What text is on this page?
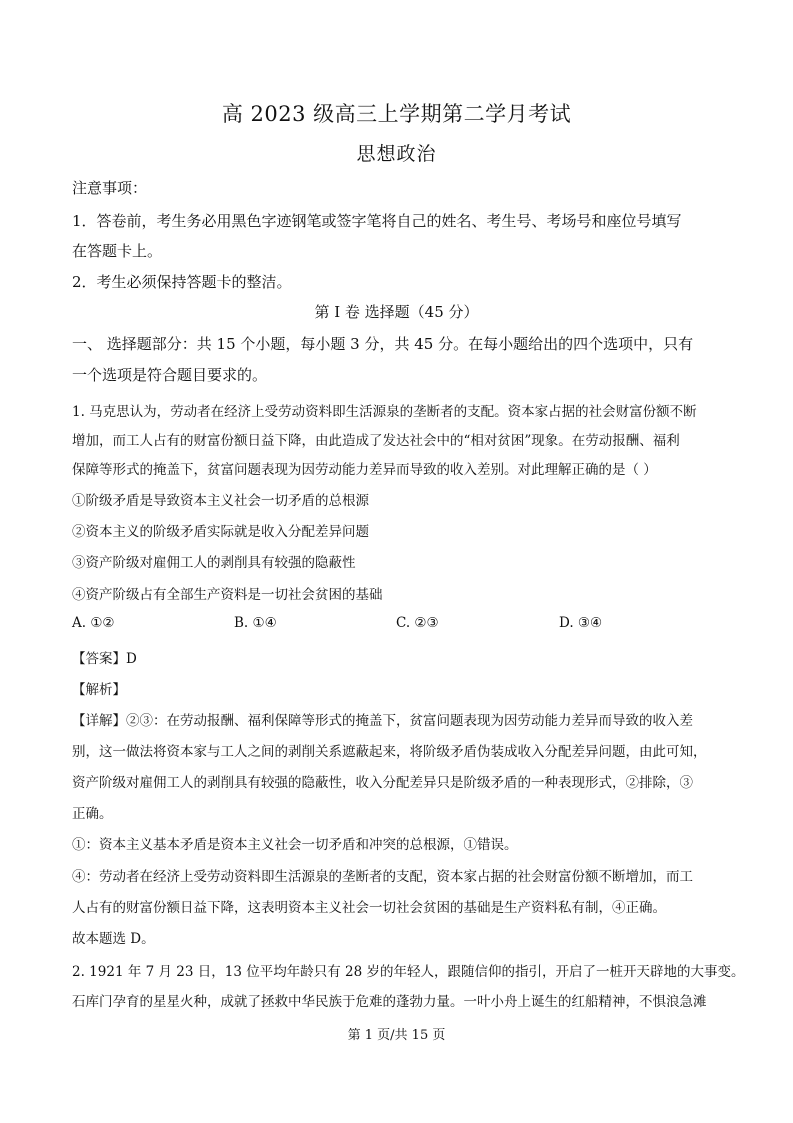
高 2023 级高三上学期第二学月考试
思想政治
注意事项：
1．答卷前，考生务必用黑色字迹钢笔或签字笔将自己的姓名、考生号、考场号和座位号填写
在答题卡上。
2．考生必须保持答题卡的整洁。
第 I 卷 选择题（45 分）
一、 选择题部分：共 15 个小题，每小题 3 分，共 45 分。在每小题给出的四个选项中，只有
一个选项是符合题目要求的。
1. 马克思认为，劳动者在经济上受劳动资料即生活源泉的垄断者的支配。资本家占据的社会财富份额不断
增加，而工人占有的财富份额日益下降，由此造成了发达社会中的“相对贫困”现象。在劳动报酬、福利
保障等形式的掩盖下，贫富问题表现为因劳动能力差异而导致的收入差别。对此理解正确的是（ ）
①阶级矛盾是导致资本主义社会一切矛盾的总根源
②资本主义的阶级矛盾实际就是收入分配差异问题
③资产阶级对雇佣工人的剥削具有较强的隐蔽性
④资产阶级占有全部生产资料是一切社会贫困的基础
A. ①②	B. ①④	C. ②③	D. ③④
【答案】D
【解析】
【详解】②③：在劳动报酬、福利保障等形式的掩盖下，贫富问题表现为因劳动能力差异而导致的收入差
别，这一做法将资本家与工人之间的剥削关系遮蔽起来，将阶级矛盾伪装成收入分配差异问题，由此可知，
资产阶级对雇佣工人的剥削具有较强的隐蔽性，收入分配差异只是阶级矛盾的一种表现形式，②排除，③
正确。
①：资本主义基本矛盾是资本主义社会一切矛盾和冲突的总根源，①错误。
④：劳动者在经济上受劳动资料即生活源泉的垄断者的支配，资本家占据的社会财富份额不断增加，而工
人占有的财富份额日益下降，这表明资本主义社会一切社会贫困的基础是生产资料私有制，④正确。
故本题选 D。
2. 1921 年 7 月 23 日，13 位平均年龄只有 28 岁的年轻人，跟随信仰的指引，开启了一桩开天辟地的大事变。
石库门孕育的星星火种，成就了拯救中华民族于危难的蓬勃力量。一叶小舟上诞生的红船精神，不惧浪急滩
第 1 页/共 15 页
